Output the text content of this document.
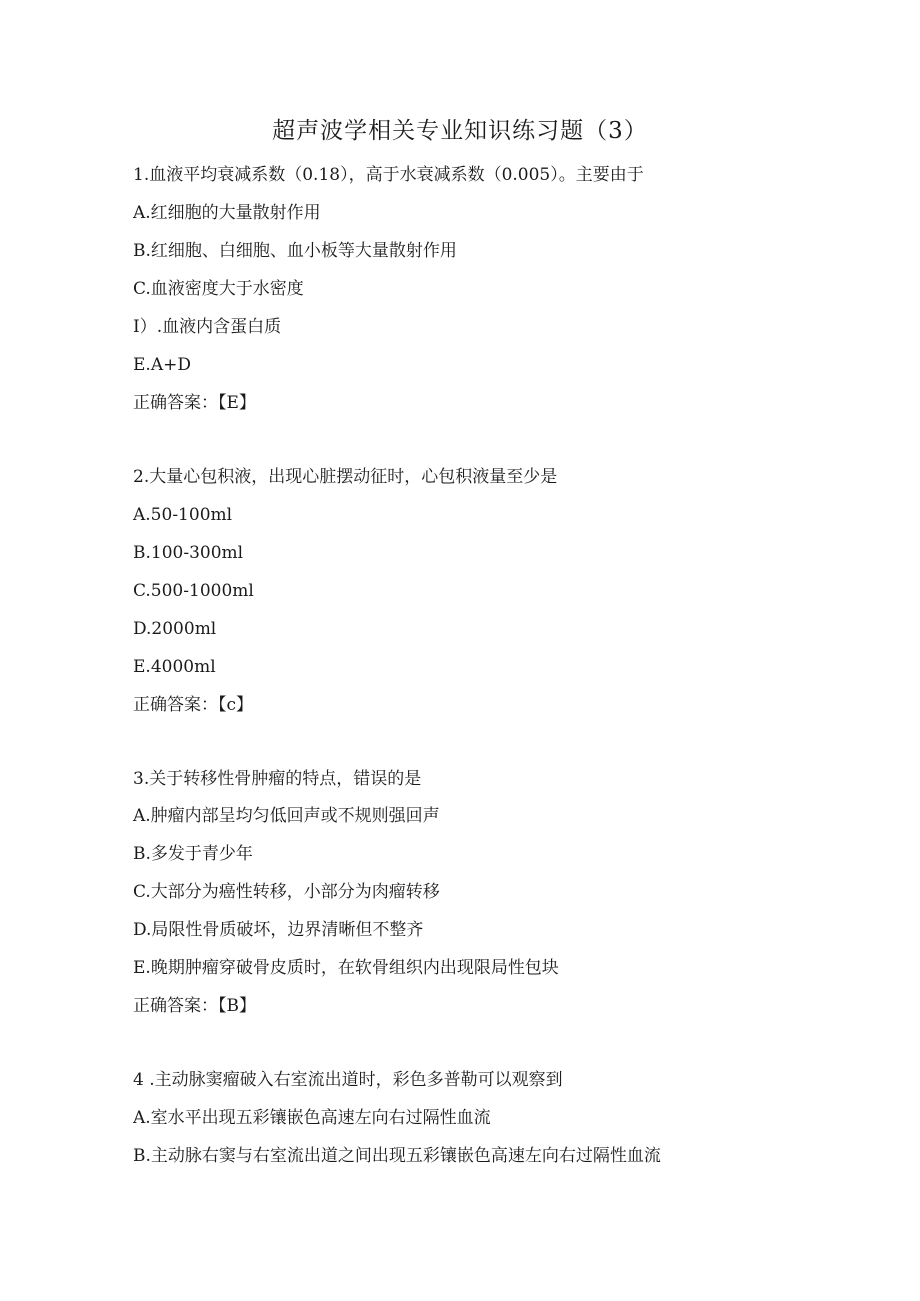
超声波学相关专业知识练习题（3）
1.血液平均衰减系数（0.18），高于水衰减系数（0.005）。主要由于
A.红细胞的大量散射作用
B.红细胞、白细胞、血小板等大量散射作用
C.血液密度大于水密度
I）.血液内含蛋白质
E.A+D
正确答案：【E】
2.大量心包积液，出现心脏摆动征时，心包积液量至少是
A.50-100ml
B.100-300ml
C.500-1000ml
D.2000ml
E.4000ml
正确答案：【c】
3.关于转移性骨肿瘤的特点，错误的是
A.肿瘤内部呈均匀低回声或不规则强回声
B.多发于青少年
C.大部分为癌性转移，小部分为肉瘤转移
D.局限性骨质破坏，边界清晰但不整齐
E.晚期肿瘤穿破骨皮质时，在软骨组织内出现限局性包块
正确答案：【B】
4 .主动脉窦瘤破入右室流出道时，彩色多普勒可以观察到
A.室水平出现五彩镶嵌色高速左向右过隔性血流
B.主动脉右窦与右室流出道之间出现五彩镶嵌色高速左向右过隔性血流
